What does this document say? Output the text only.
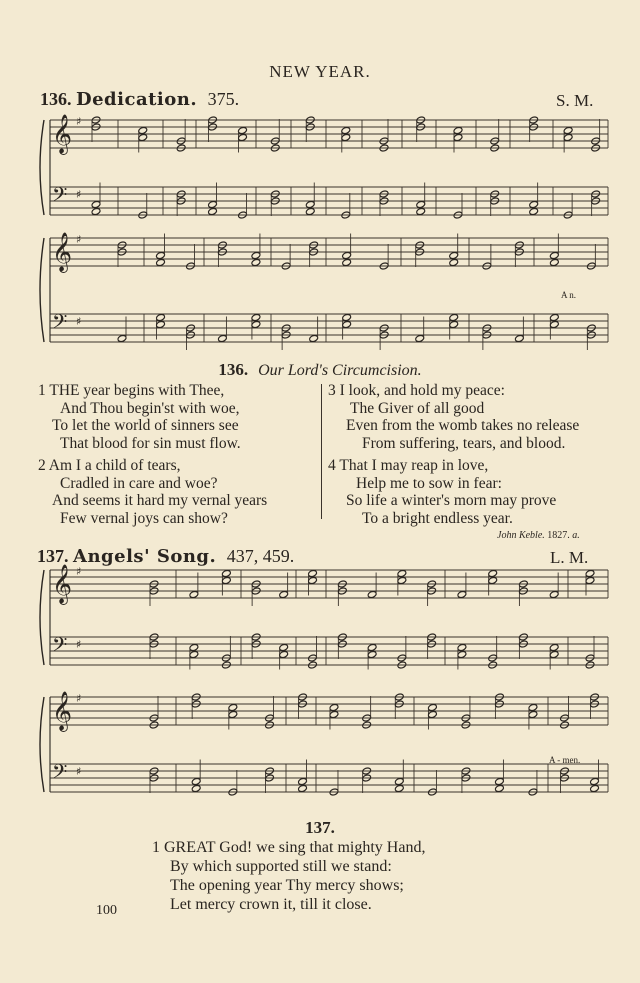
NEW YEAR.
136. Dedication. 375.	S. M.
𝄞 ♯
𝄢 ♯
𝄞 ♯
𝄢 ♯
𝄞 ♯
𝄢 ♯
𝄞 ♯
𝄢 ♯
A n.
A - men.
136. Our Lord's Circumcision.
1 THE year begins with Thee,
And Thou begin'st with woe,
To let the world of sinners see
That blood for sin must flow.
2 Am I a child of tears,
Cradled in care and woe?
And seems it hard my vernal years
Few vernal joys can show?
3 I look, and hold my peace:
The Giver of all good
Even from the womb takes no release
From suffering, tears, and blood.
4 That I may reap in love,
Help me to sow in fear:
So life a winter's morn may prove
To a bright endless year.
John Keble. 1827. a.
137. Angels' Song. 437, 459.	L. M.
137.
1 GREAT God! we sing that mighty Hand,
By which supported still we stand:
The opening year Thy mercy shows;
Let mercy crown it, till it close.
100
